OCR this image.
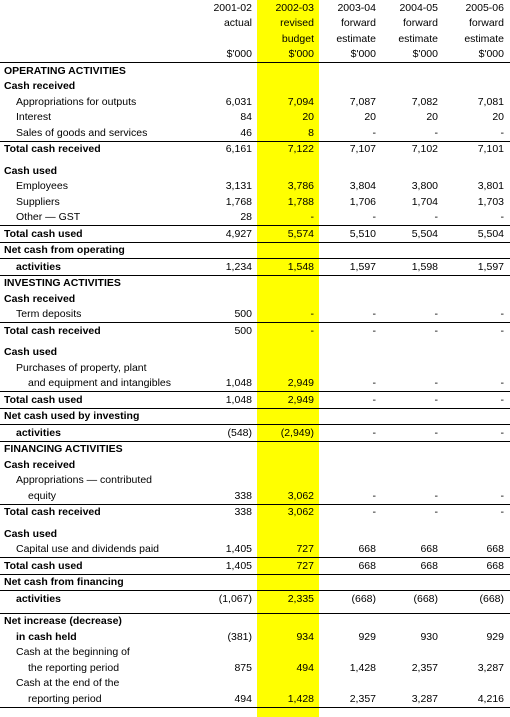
	2001-02	2002-03	2003-04	2004-05	2005-06
	actual	revised	forward	forward	forward
		budget	estimate	estimate	estimate
	$'000	$'000	$'000	$'000	$'000
OPERATING ACTIVITIES					
Cash received					
Appropriations for outputs	6,031	7,094	7,087	7,082	7,081
Interest	84	20	20	20	20
Sales of goods and services	46	8	-	-	-
Total cash received	6,161	7,122	7,107	7,102	7,101

Cash used					
Employees	3,131	3,786	3,804	3,800	3,801
Suppliers	1,768	1,788	1,706	1,704	1,703
Other — GST	28	-	-	-	-
Total cash used	4,927	5,574	5,510	5,504	5,504
Net cash from operating					
activities	1,234	1,548	1,597	1,598	1,597
INVESTING ACTIVITIES					
Cash received					
Term deposits	500	-	-	-	-
Total cash received	500	-	-	-	-

Cash used					
Purchases of property, plant					
and equipment and intangibles	1,048	2,949	-	-	-
Total cash used	1,048	2,949	-	-	-
Net cash used by investing					
activities	(548)	(2,949)	-	-	-
FINANCING ACTIVITIES					
Cash received					
Appropriations — contributed					
equity	338	3,062	-	-	-
Total cash received	338	3,062	-	-	-

Cash used					
Capital use and dividends paid	1,405	727	668	668	668
Total cash used	1,405	727	668	668	668
Net cash from financing					
activities	(1,067)	2,335	(668)	(668)	(668)

Net increase (decrease)					
in cash held	(381)	934	929	930	929
Cash at the beginning of					
the reporting period	875	494	1,428	2,357	3,287
Cash at the end of the					
reporting period	494	1,428	2,357	3,287	4,216
